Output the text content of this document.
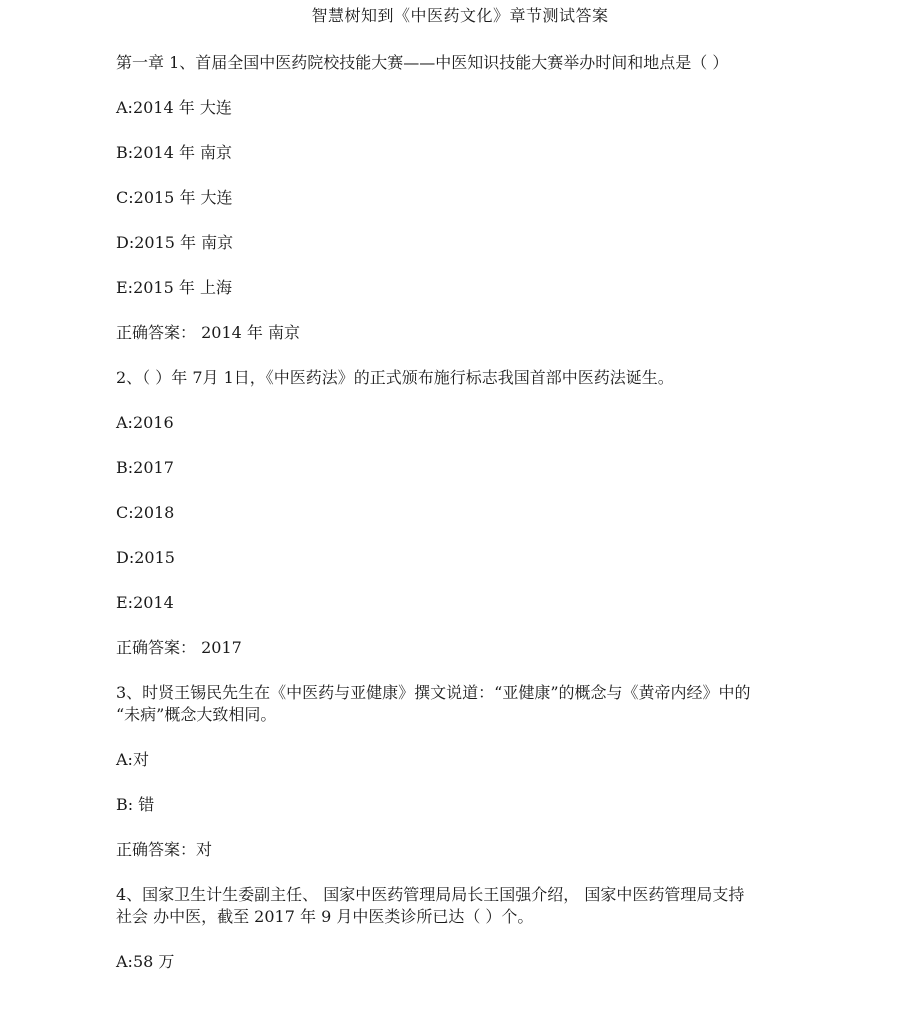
智慧树知到《中医药文化》章节测试答案

第一章 1、首届全国中医药院校技能大赛——中医知识技能大赛举办时间和地点是（ ）

A:2014 年 大连

B:2014 年 南京

C:2015 年 大连

D:2015 年 南京

E:2015 年 上海

正确答案： 2014 年 南京

2、（ ）年 7月 1日，《中医药法》的正式颁布施行标志我国首部中医药法诞生。

A:2016

B:2017

C:2018

D:2015

E:2014

正确答案： 2017

3、时贤王锡民先生在《中医药与亚健康》撰文说道：“亚健康”的概念与《黄帝内经》中的 “未病”概念大致相同。

A:对

B: 错

正确答案：对

4、国家卫生计生委副主任、 国家中医药管理局局长王国强介绍， 国家中医药管理局支持社会 办中医，截至 2017 年 9 月中医类诊所已达（ ）个。

A:58 万
